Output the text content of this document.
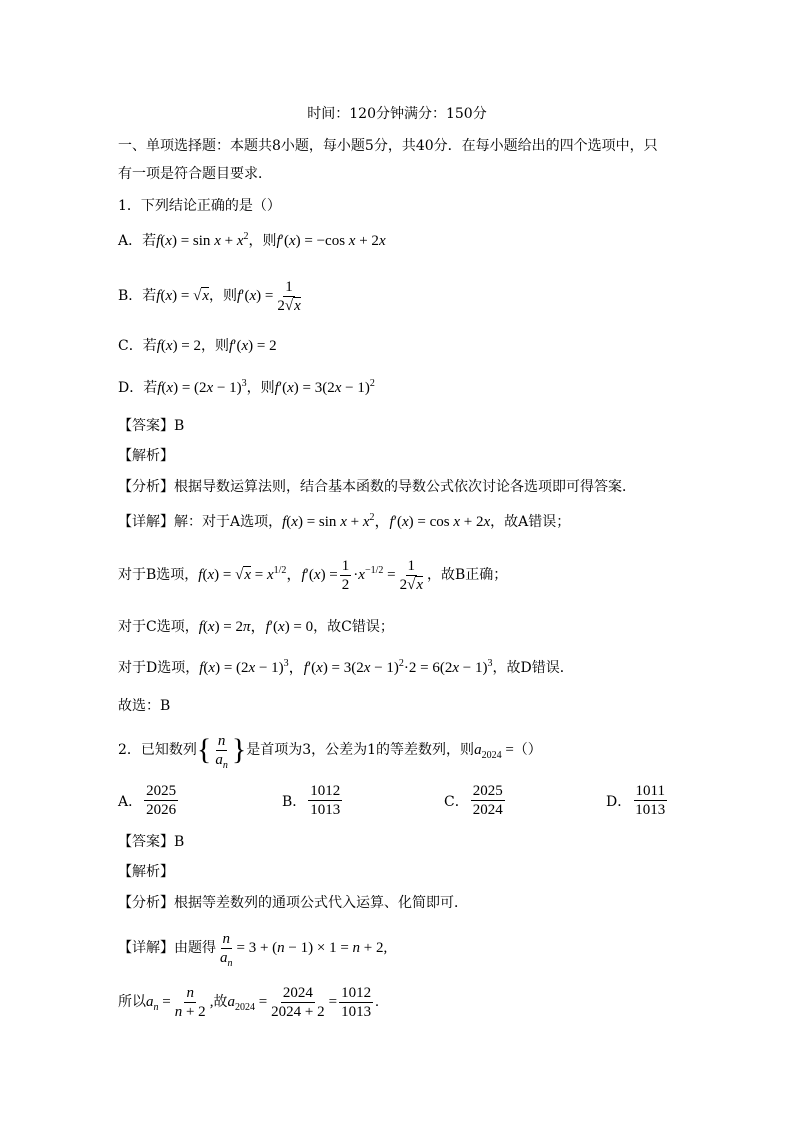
时间：120分钟满分：150分
一、单项选择题：本题共8小题，每小题5分，共40分．在每小题给出的四个选项中，只
有一项是符合题目要求．
1．下列结论正确的是（）
A．若$f(x) = \sin x + x^2$，则f′(x) = −cos x + 2x
B．若 f(x) = √x ，则 $f'(x) = \frac{1}{2√x}$
C．若f(x) = 2，则f′(x) = 2
D．若$f(x) = (2x - 1)^3$，则$f'(x) = 3(2x - 1)^2$
【答案】B
【解析】
【分析】根据导数运算法则，结合基本函数的导数公式依次讨论各选项即可得答案．
【详解】解：对于A选项，$f(x) = \sin x + x^2$，f′(x) = cos x + 2x，故A错误；
对于B选项， $f(x) = √x = x^{1/2}$，$f'(x) = \frac{1}{2} \cdot x^{-1/2} = \frac{1}{2√x}$ ，故B正确；
对于C选项，f(x) = 2π，f′(x) = 0，故C错误；
对于D选项，$f(x) = (2x - 1)^3$，$f'(x) = 3(2x - 1)^2\cdot 2 = 6(2x - 1)^3$，故D错误．
故选：B
2．已知数列 { $\frac{n}{a_n}$ } 是首项为3，公差为1的等差数列，则 $a_{2024}$ = （）
A． $\frac{2025}{2026}$	B． $\frac{1012}{1013}$	C． $\frac{2025}{2024}$	D． $\frac{1011}{1013}$
【答案】B
【解析】
【分析】根据等差数列的通项公式代入运算、化简即可．
【详解】由题得 $\frac{n}{a_n} = 3 + (n - 1) \times 1 = n + 2$,
所以 $a_n = \frac{n}{n + 2}$ , 故 $a_{2024} = \frac{2024}{2024 + 2} = \frac{1012}{1013}$ .
